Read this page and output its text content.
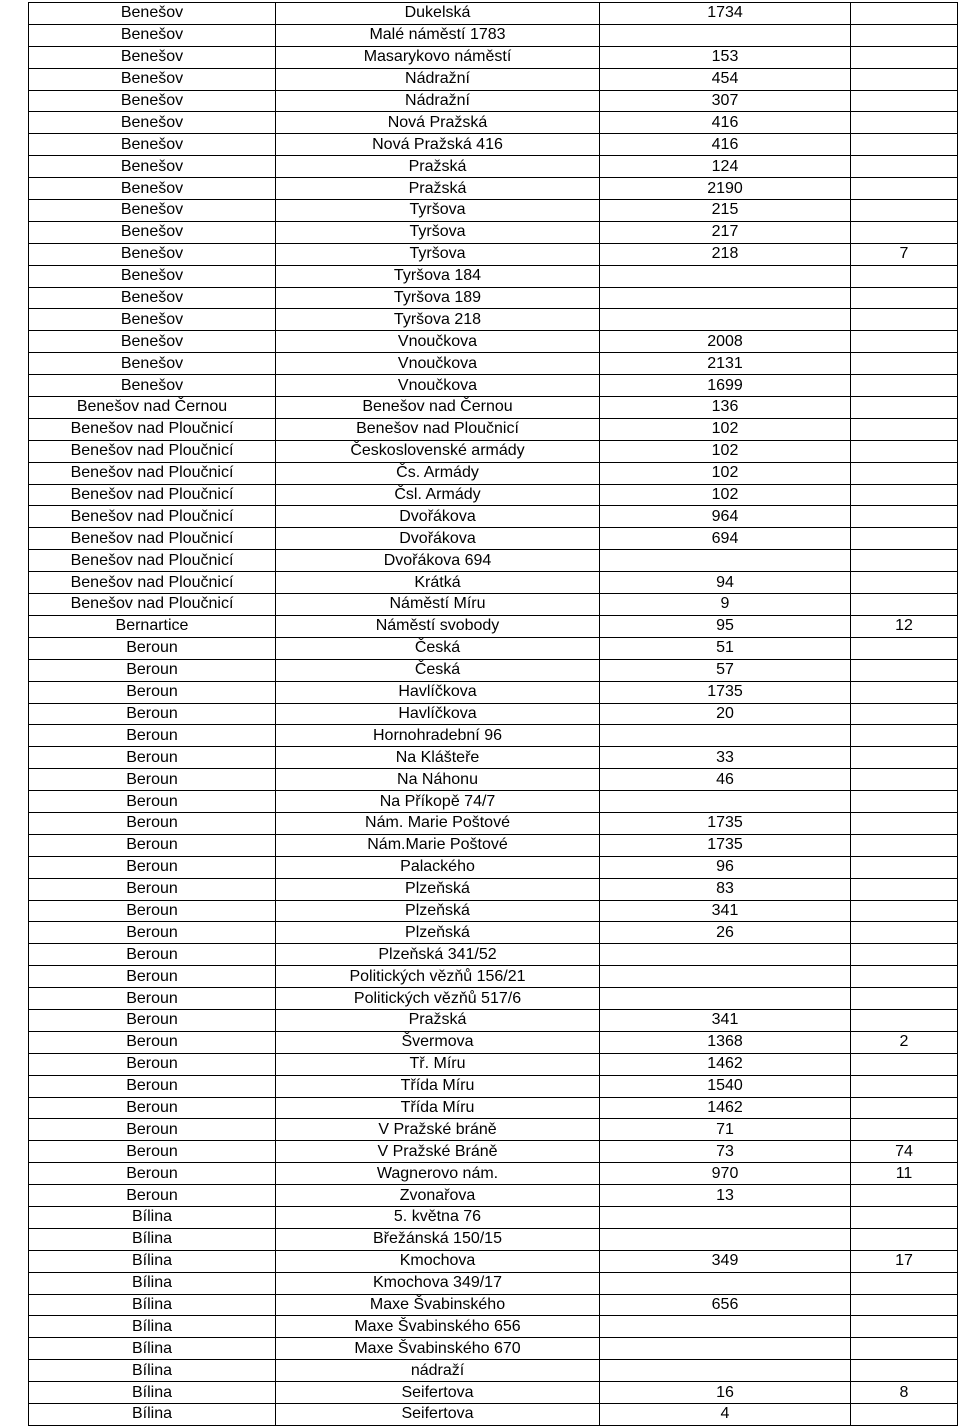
Benešov	Dukelská	1734	
Benešov	Malé náměstí 1783		
Benešov	Masarykovo náměstí	153	
Benešov	Nádražní	454	
Benešov	Nádražní	307	
Benešov	Nová Pražská	416	
Benešov	Nová Pražská 416	416	
Benešov	Pražská	124	
Benešov	Pražská	2190	
Benešov	Tyršova	215	
Benešov	Tyršova	217	
Benešov	Tyršova	218	7
Benešov	Tyršova 184		
Benešov	Tyršova 189		
Benešov	Tyršova 218		
Benešov	Vnoučkova	2008	
Benešov	Vnoučkova	2131	
Benešov	Vnoučkova	1699	
Benešov nad Černou	Benešov nad Černou	136	
Benešov nad Ploučnicí	Benešov nad Ploučnicí	102	
Benešov nad Ploučnicí	Československé armády	102	
Benešov nad Ploučnicí	Čs. Armády	102	
Benešov nad Ploučnicí	Čsl. Armády	102	
Benešov nad Ploučnicí	Dvořákova	964	
Benešov nad Ploučnicí	Dvořákova	694	
Benešov nad Ploučnicí	Dvořákova 694		
Benešov nad Ploučnicí	Krátká	94	
Benešov nad Ploučnicí	Náměstí Míru	9	
Bernartice	Náměstí svobody	95	12
Beroun	Česká	51	
Beroun	Česká	57	
Beroun	Havlíčkova	1735	
Beroun	Havlíčkova	20	
Beroun	Hornohradební 96		
Beroun	Na Klášteře	33	
Beroun	Na Náhonu	46	
Beroun	Na Příkopě 74/7		
Beroun	Nám. Marie Poštové	1735	
Beroun	Nám.Marie Poštové	1735	
Beroun	Palackého	96	
Beroun	Plzeňská	83	
Beroun	Plzeňská	341	
Beroun	Plzeňská	26	
Beroun	Plzeňská 341/52		
Beroun	Politických vězňů 156/21		
Beroun	Politických vězňů 517/6		
Beroun	Pražská	341	
Beroun	Švermova	1368	2
Beroun	Tř. Míru	1462	
Beroun	Třída Míru	1540	
Beroun	Třída Míru	1462	
Beroun	V Pražské bráně	71	
Beroun	V Pražské Bráně	73	74
Beroun	Wagnerovo nám.	970	11
Beroun	Zvonařova	13	
Bílina	5. května 76		
Bílina	Břežánská 150/15		
Bílina	Kmochova	349	17
Bílina	Kmochova 349/17		
Bílina	Maxe Švabinského	656	
Bílina	Maxe Švabinského 656		
Bílina	Maxe Švabinského 670		
Bílina	nádraží		
Bílina	Seifertova	16	8
Bílina	Seifertova	4	
